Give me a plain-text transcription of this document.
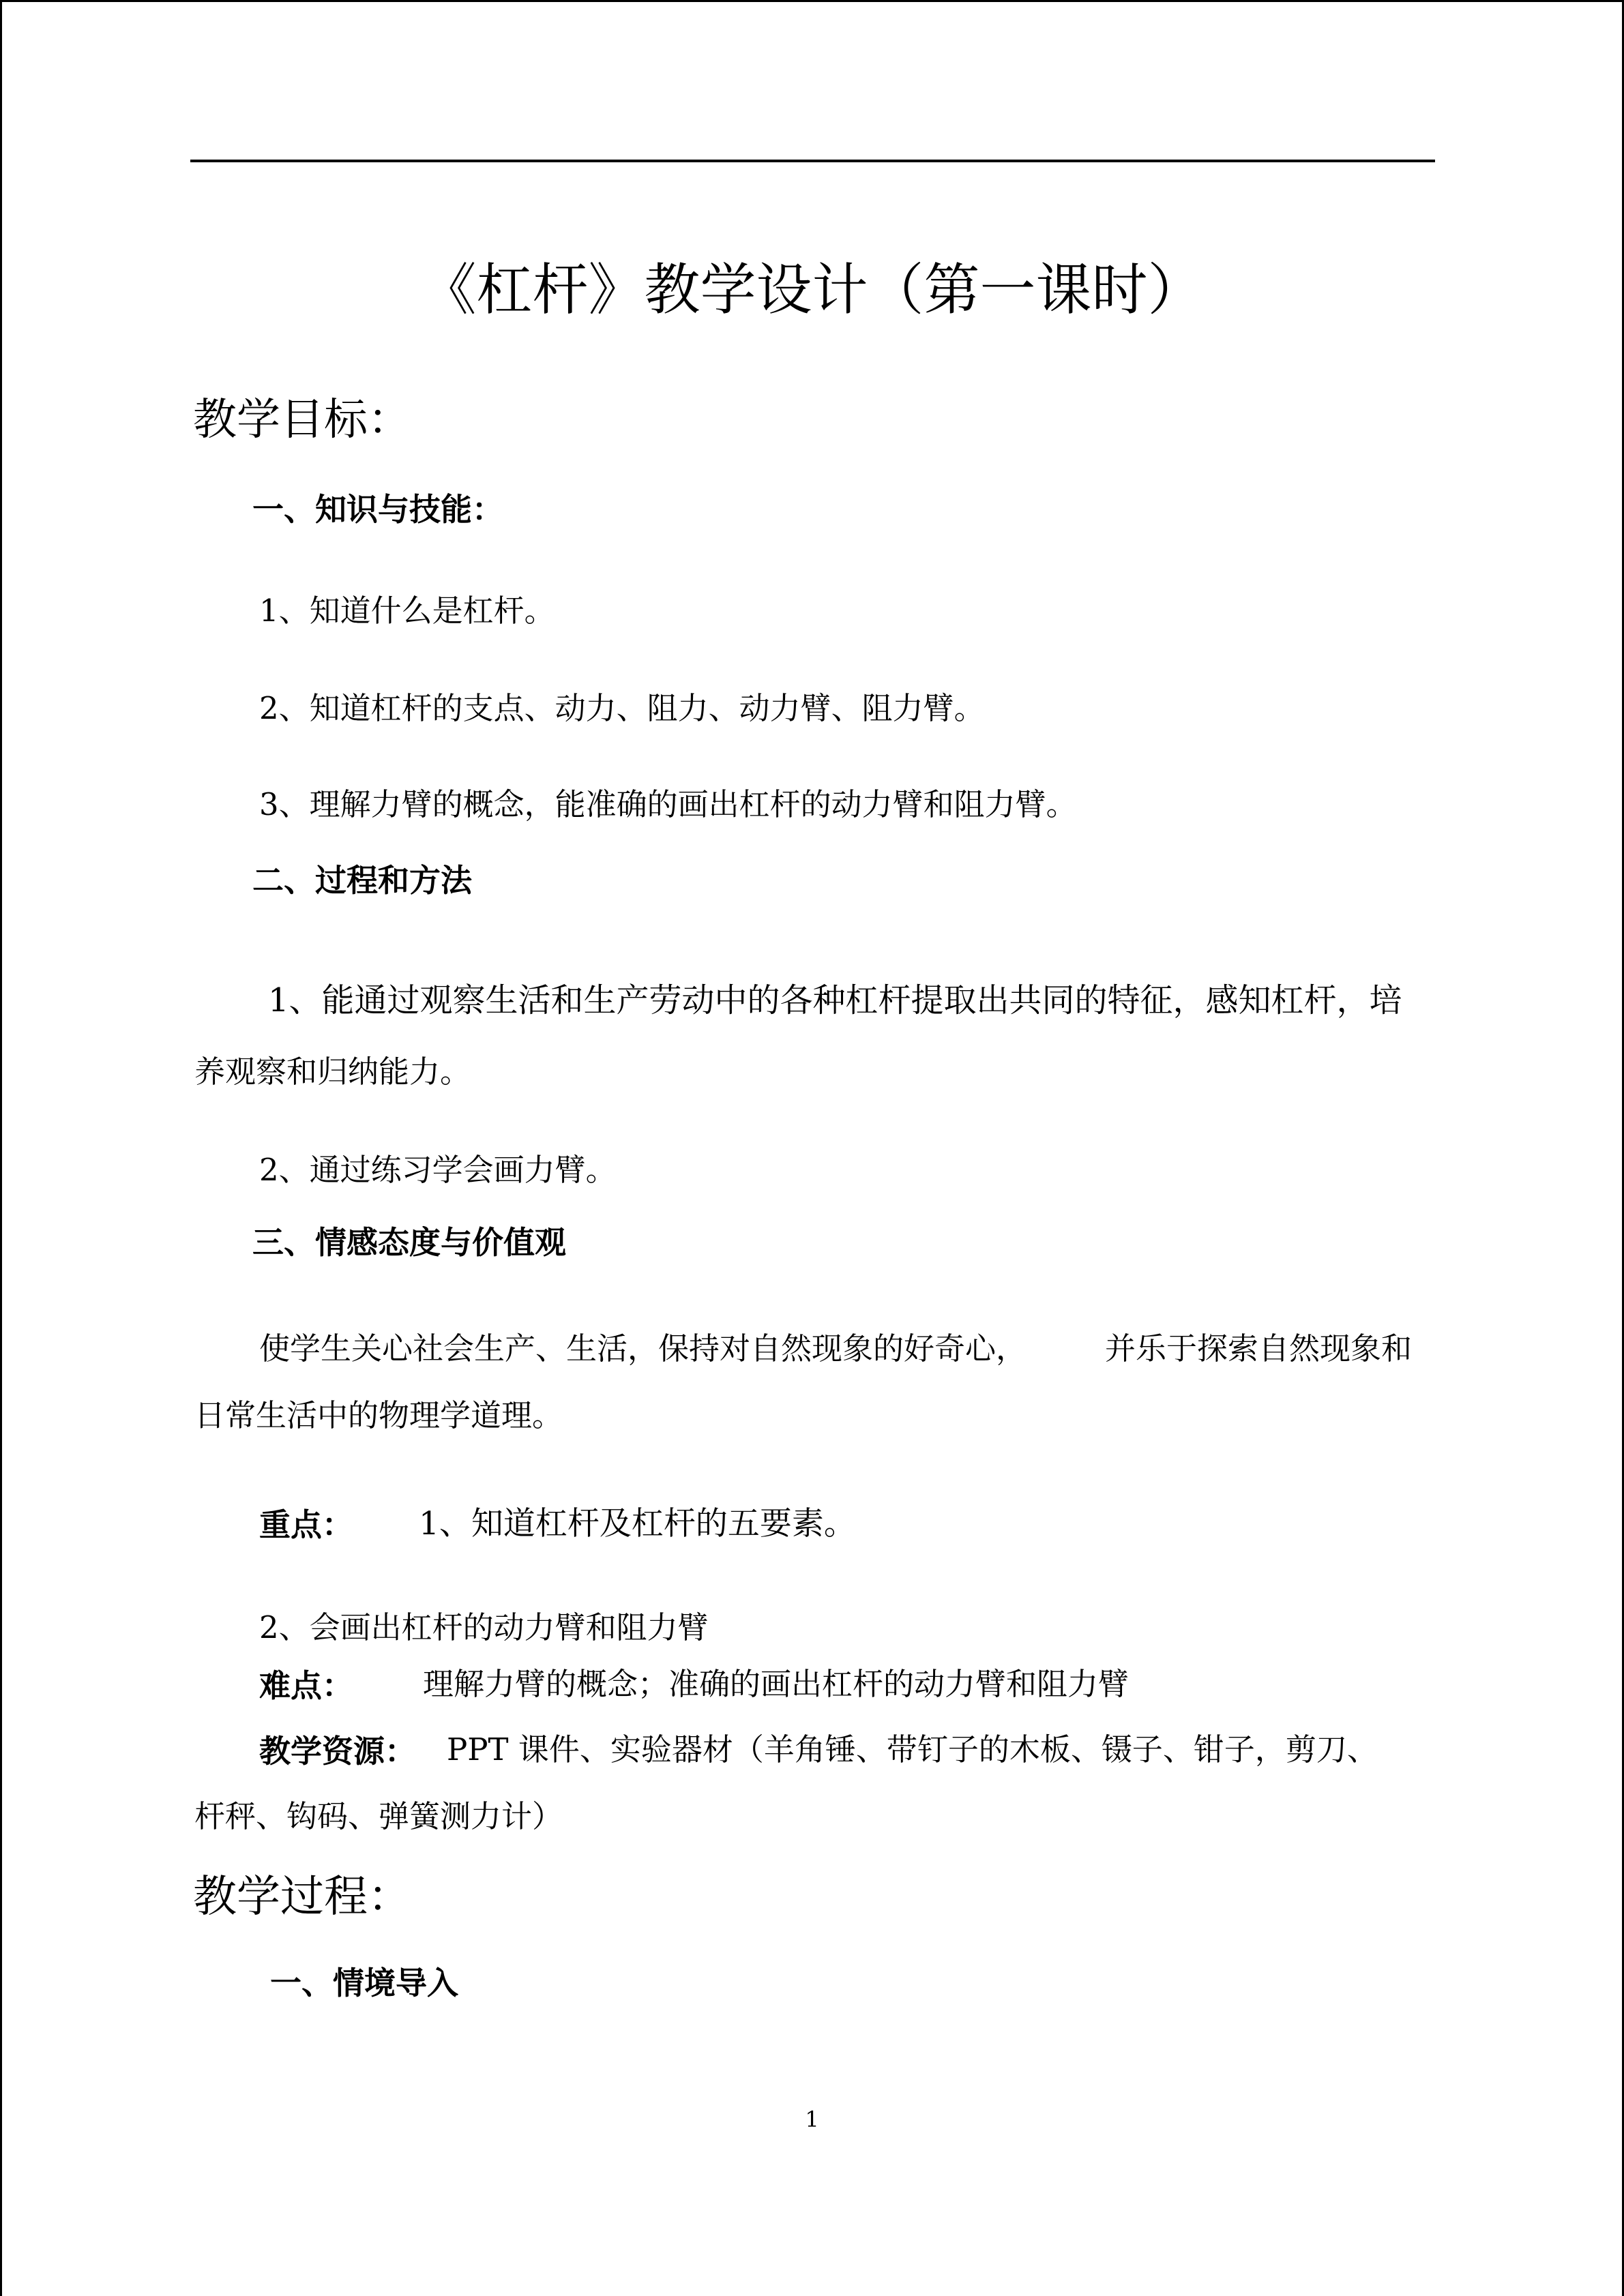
《杠杆》教学设计（第一课时）
教学目标：
一、知识与技能：
1、知道什么是杠杆。
2、知道杠杆的支点、动力、阻力、动力臂、阻力臂。
3、理解力臂的概念，能准确的画出杠杆的动力臂和阻力臂。
二、过程和方法
1、能通过观察生活和生产劳动中的各种杠杆提取出共同的特征，感知杠杆，培
养观察和归纳能力。
2、通过练习学会画力臂。
三、情感态度与价值观
使学生关心社会生产、生活，保持对自然现象的好奇心，	并乐于探索自然现象和
日常生活中的物理学道理。
重点： 1、知道杠杆及杠杆的五要素。
2、会画出杠杆的动力臂和阻力臂
难点： 理解力臂的概念；准确的画出杠杆的动力臂和阻力臂
教学资源： PPT 课件、实验器材（羊角锤、带钉子的木板、镊子、钳子，剪刀、
杆秤、钩码、弹簧测力计）
教学过程：
一、情境导入
1
